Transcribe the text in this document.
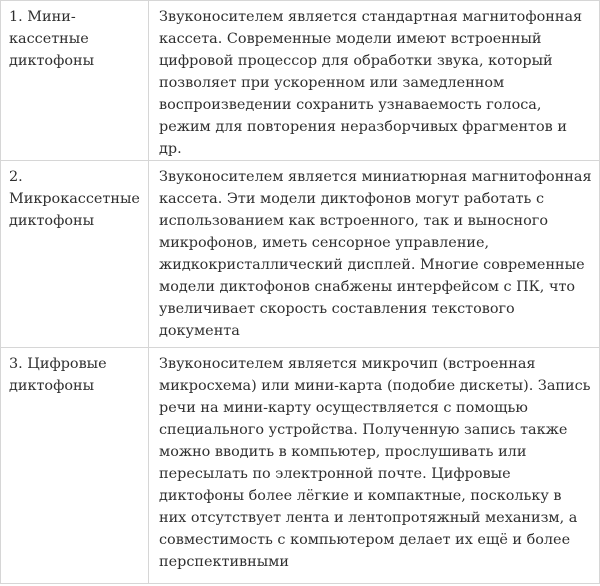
1. Мини-кассетные диктофоны	Звуконосителем является стандартная магнитофонная кассета. Современные модели имеют встроенный цифровой процессор для обработки звука, который позволяет при ускоренном или замедленном воспроизведении сохранить узнаваемость голоса, режим для повторения неразборчивых фрагментов и др.
2. Микрокассетные диктофоны	Звуконосителем является миниатюрная магнитофонная кассета. Эти модели диктофонов могут работать с использованием как встроенного, так и выносного микрофонов, иметь сенсорное управление, жидкокристаллический дисплей. Многие современные модели диктофонов снабжены интерфейсом с ПК, что увеличивает скорость составления текстового документа
3. Цифровые диктофоны	Звуконосителем является микрочип (встроенная микросхема) или мини-карта (подобие дискеты). Запись речи на мини-карту осуществляется с помощью специального устройства. Полученную запись также можно вводить в компьютер, прослушивать или пересылать по электронной почте. Цифровые диктофоны более лёгкие и компактные, поскольку в них отсутствует лента и лентопротяжный механизм, а совместимость с компьютером делает их ещё и более перспективными
